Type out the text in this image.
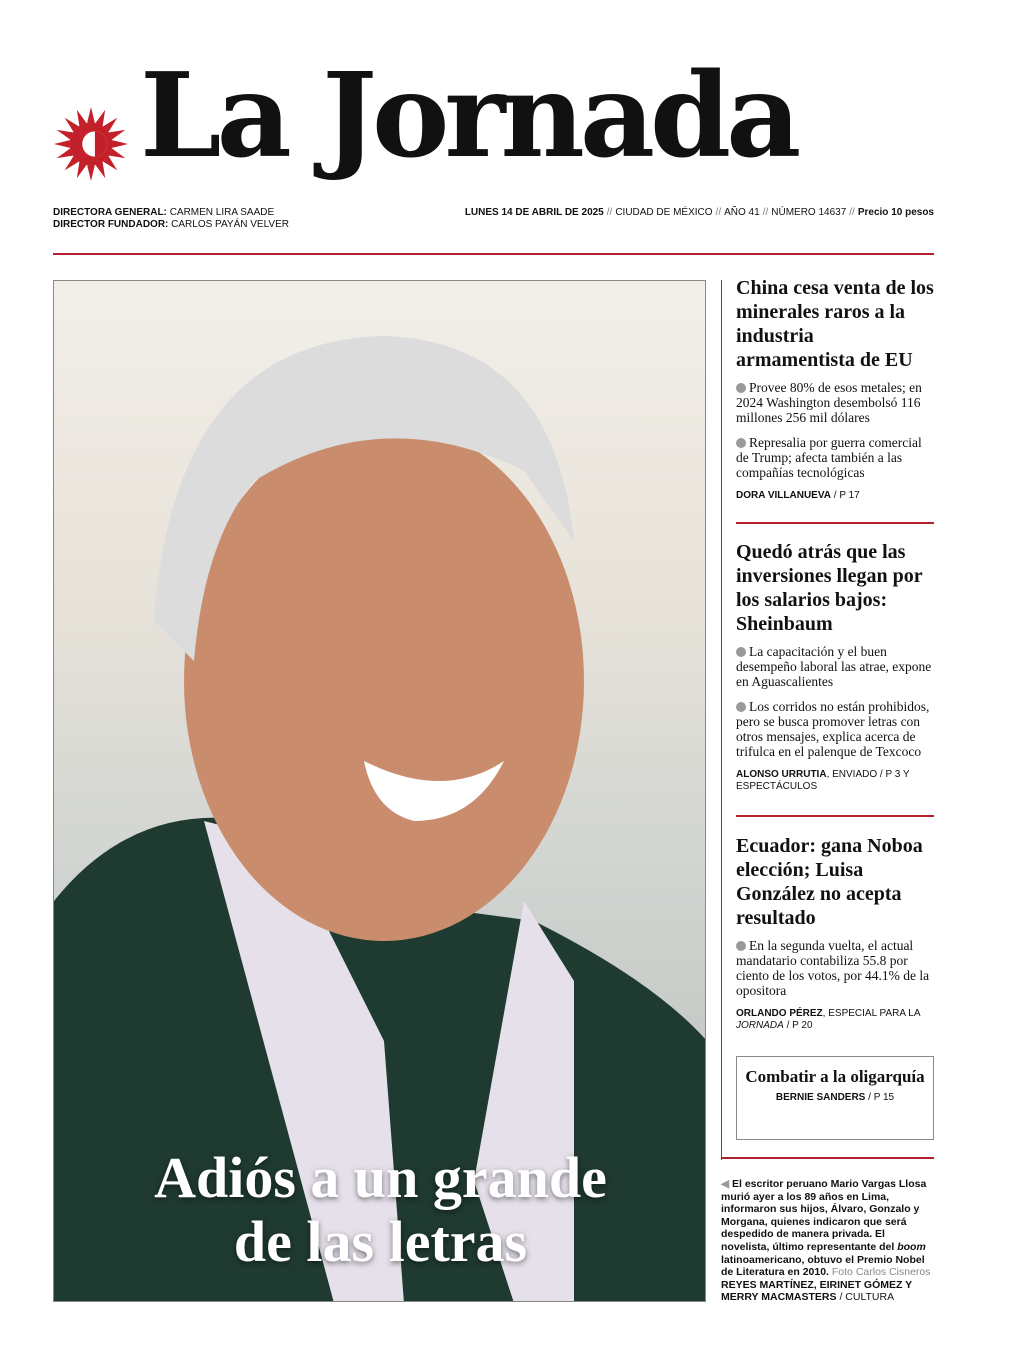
La Jornada
DIRECTORA GENERAL: CARMEN LIRA SAADE
DIRECTOR FUNDADOR: CARLOS PAYÁN VELVER
LUNES 14 DE ABRIL DE 2025 // CIUDAD DE MÉXICO // AÑO 41 // NÚMERO 14637 // Precio 10 pesos
Adiós a un grande
de las letras
China cesa venta de los minerales raros a la industria armamentista de EU

Provee 80% de esos metales; en 2024 Washington desembolsó 116 millones 256 mil dólares

Represalia por guerra comercial de Trump; afecta también a las compañías tecnológicas

DORA VILLANUEVA / P 17
Quedó atrás que las inversiones llegan por los salarios bajos: Sheinbaum

La capacitación y el buen desempeño laboral las atrae, expone en Aguascalientes

Los corridos no están prohibidos, pero se busca promover letras con otros mensajes, explica acerca de trifulca en el palenque de Texcoco

ALONSO URRUTIA, ENVIADO / P 3 Y ESPECTÁCULOS
Ecuador: gana Noboa elección; Luisa González no acepta resultado

En la segunda vuelta, el actual mandatario contabiliza 55.8 por ciento de los votos, por 44.1% de la opositora

ORLANDO PÉREZ, ESPECIAL PARA LA JORNADA / P 20
Combatir a la oligarquía
BERNIE SANDERS / P 15
◀ El escritor peruano Mario Vargas Llosa murió ayer a los 89 años en Lima, informaron sus hijos, Álvaro, Gonzalo y Morgana, quienes indicaron que será despedido de manera privada. El novelista, último representante del boom latinoamericano, obtuvo el Premio Nobel de Literatura en 2010. Foto Carlos Cisneros REYES MARTÍNEZ, EIRINET GÓMEZ Y MERRY MACMASTERS / CULTURA
